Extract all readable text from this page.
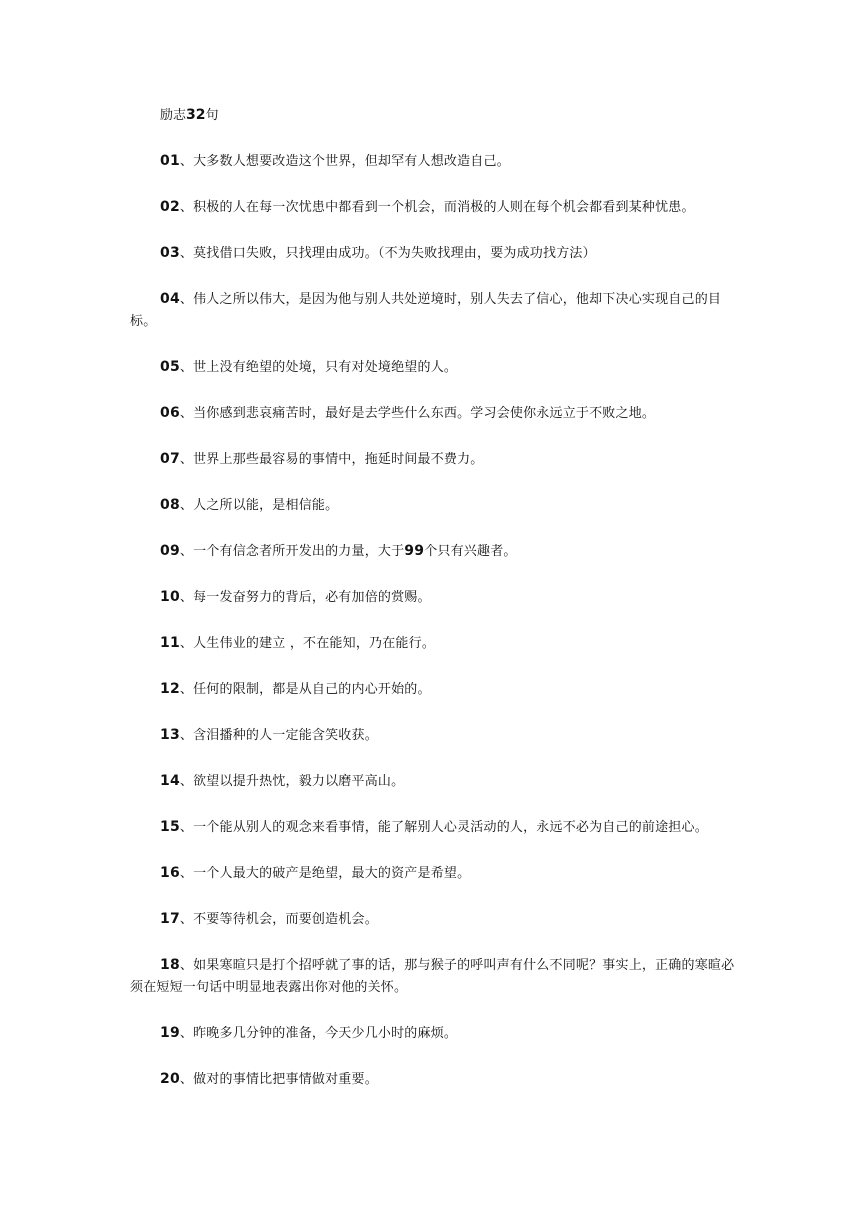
励志32句

01、大多数人想要改造这个世界，但却罕有人想改造自己。

02、积极的人在每一次忧患中都看到一个机会，而消极的人则在每个机会都看到某种忧患。

03、莫找借口失败，只找理由成功。（不为失败找理由，要为成功找方法）

04、伟人之所以伟大，是因为他与别人共处逆境时，别人失去了信心，他却下决心实现自己的目标。

05、世上没有绝望的处境，只有对处境绝望的人。

06、当你感到悲哀痛苦时，最好是去学些什么东西。学习会使你永远立于不败之地。

07、世界上那些最容易的事情中，拖延时间最不费力。

08、人之所以能，是相信能。

09、一个有信念者所开发出的力量，大于99个只有兴趣者。

10、每一发奋努力的背后，必有加倍的赏赐。

11、人生伟业的建立 ，不在能知，乃在能行。

12、任何的限制，都是从自己的内心开始的。

13、含泪播种的人一定能含笑收获。

14、欲望以提升热忱，毅力以磨平高山。

15、一个能从别人的观念来看事情，能了解别人心灵活动的人，永远不必为自己的前途担心。

16、一个人最大的破产是绝望，最大的资产是希望。

17、不要等待机会，而要创造机会。

18、如果寒暄只是打个招呼就了事的话，那与猴子的呼叫声有什么不同呢？事实上，正确的寒暄必须在短短一句话中明显地表露出你对他的关怀。

19、昨晚多几分钟的准备，今天少几小时的麻烦。

20、做对的事情比把事情做对重要。
